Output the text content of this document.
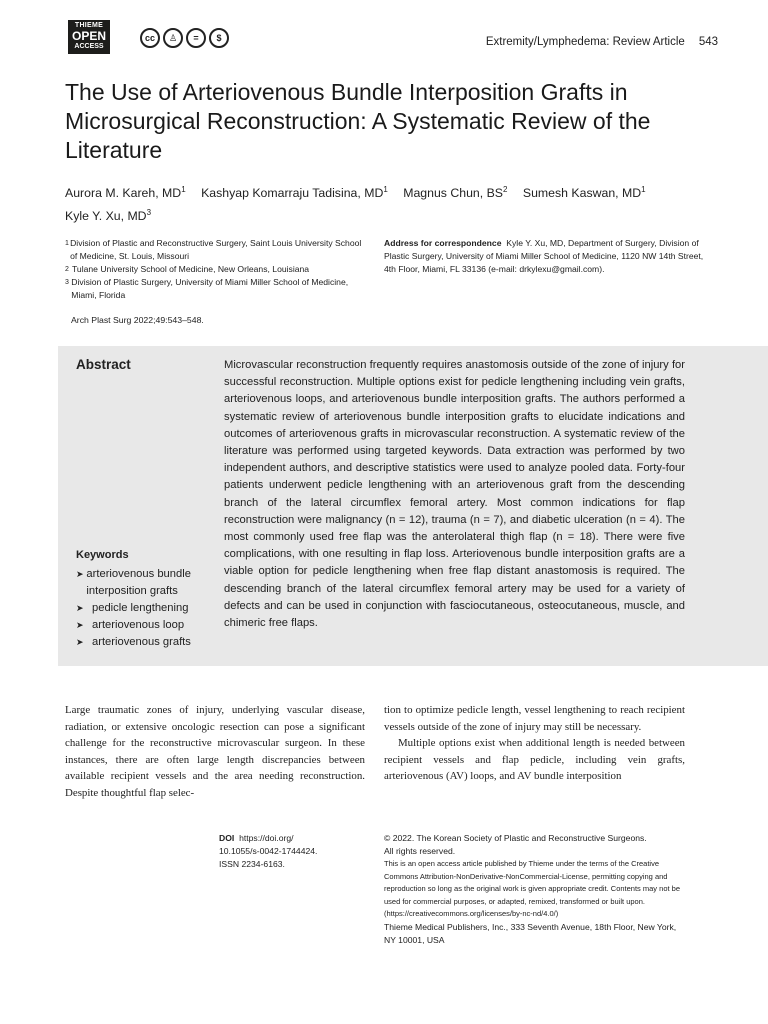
THIEME
OPEN
ACCESS
cc	♙	=	$	Extremity/Lymphedema: Review Article 543
The Use of Arteriovenous Bundle Interposition Grafts in Microsurgical Reconstruction: A Systematic Review of the Literature
Aurora M. Kareh, $MD^1$ Kashyap Komarraju Tadisina, $MD^1$ Magnus Chun, $BS^2$ Sumesh Kaswan, $MD^1$
Kyle Y. Xu, $MD^3$
1 Division of Plastic and Reconstructive Surgery, Saint Louis University School of Medicine, St. Louis, Missouri
2 Tulane University School of Medicine, New Orleans, Louisiana
3 Division of Plastic Surgery, University of Miami Miller School of Medicine, Miami, Florida
Address for correspondence Kyle Y. Xu, MD, Department of Surgery, Division of Plastic Surgery, University of Miami Miller School of Medicine, 1120 NW 14th Street, 4th Floor, Miami, FL 33136 (e-mail: drkylexu@gmail.com).
Arch Plast Surg 2022;49:543–548.
Abstract	Microvascular reconstruction frequently requires anastomosis outside of the zone of injury for successful reconstruction. Multiple options exist for pedicle lengthening including vein grafts, arteriovenous loops, and arteriovenous bundle interposition grafts. The authors performed a systematic review of arteriovenous bundle interposition grafts to elucidate indications and outcomes of arteriovenous grafts in microvascular reconstruction. A systematic review of the literature was performed using targeted keywords. Data extraction was performed by two independent authors, and descriptive statistics were used to analyze pooled data. Forty-four patients underwent pedicle lengthening with an arteriovenous graft from the descending branch of the lateral circumflex femoral artery. Most common indications for flap reconstruction were malignancy (n = 12), trauma (n = 7), and diabetic ulceration (n = 4). The most commonly used free flap was the anterolateral thigh flap (n = 18). There were five complications, with one resulting in flap loss. Arteriovenous bundle interposition grafts are a viable option for pedicle lengthening when free flap distant anastomosis is required. The descending branch of the lateral circumflex femoral artery may be used for a variety of defects and can be used in conjunction with fasciocutaneous, osteocutaneous, muscle, and chimeric free flaps.
Keywords
➤ arteriovenous bundle interposition grafts
➤ pedicle lengthening
➤ arteriovenous loop
➤ arteriovenous grafts

Large traumatic zones of injury, underlying vascular disease, radiation, or extensive oncologic resection can pose a significant challenge for the reconstructive microvascular surgeon. In these instances, there are often large length discrepancies between available recipient vessels and the area needing reconstruction. Despite thoughtful flap selec-

tion to optimize pedicle length, vessel lengthening to reach recipient vessels outside of the zone of injury may still be necessary.

Multiple options exist when additional length is needed between recipient vessels and flap pedicle, including vein grafts, arteriovenous (AV) loops, and AV bundle interposition

DOI https://doi.org/
10.1055/s-0042-1744424.
ISSN 2234-6163.
© 2022. The Korean Society of Plastic and Reconstructive Surgeons.
All rights reserved.
This is an open access article published by Thieme under the terms of the Creative Commons Attribution-NonDerivative-NonCommercial-License, permitting copying and reproduction so long as the original work is given appropriate credit. Contents may not be used for commercial purposes, or adapted, remixed, transformed or built upon. (https://creativecommons.org/licenses/by-nc-nd/4.0/)
Thieme Medical Publishers, Inc., 333 Seventh Avenue, 18th Floor, New York, NY 10001, USA
